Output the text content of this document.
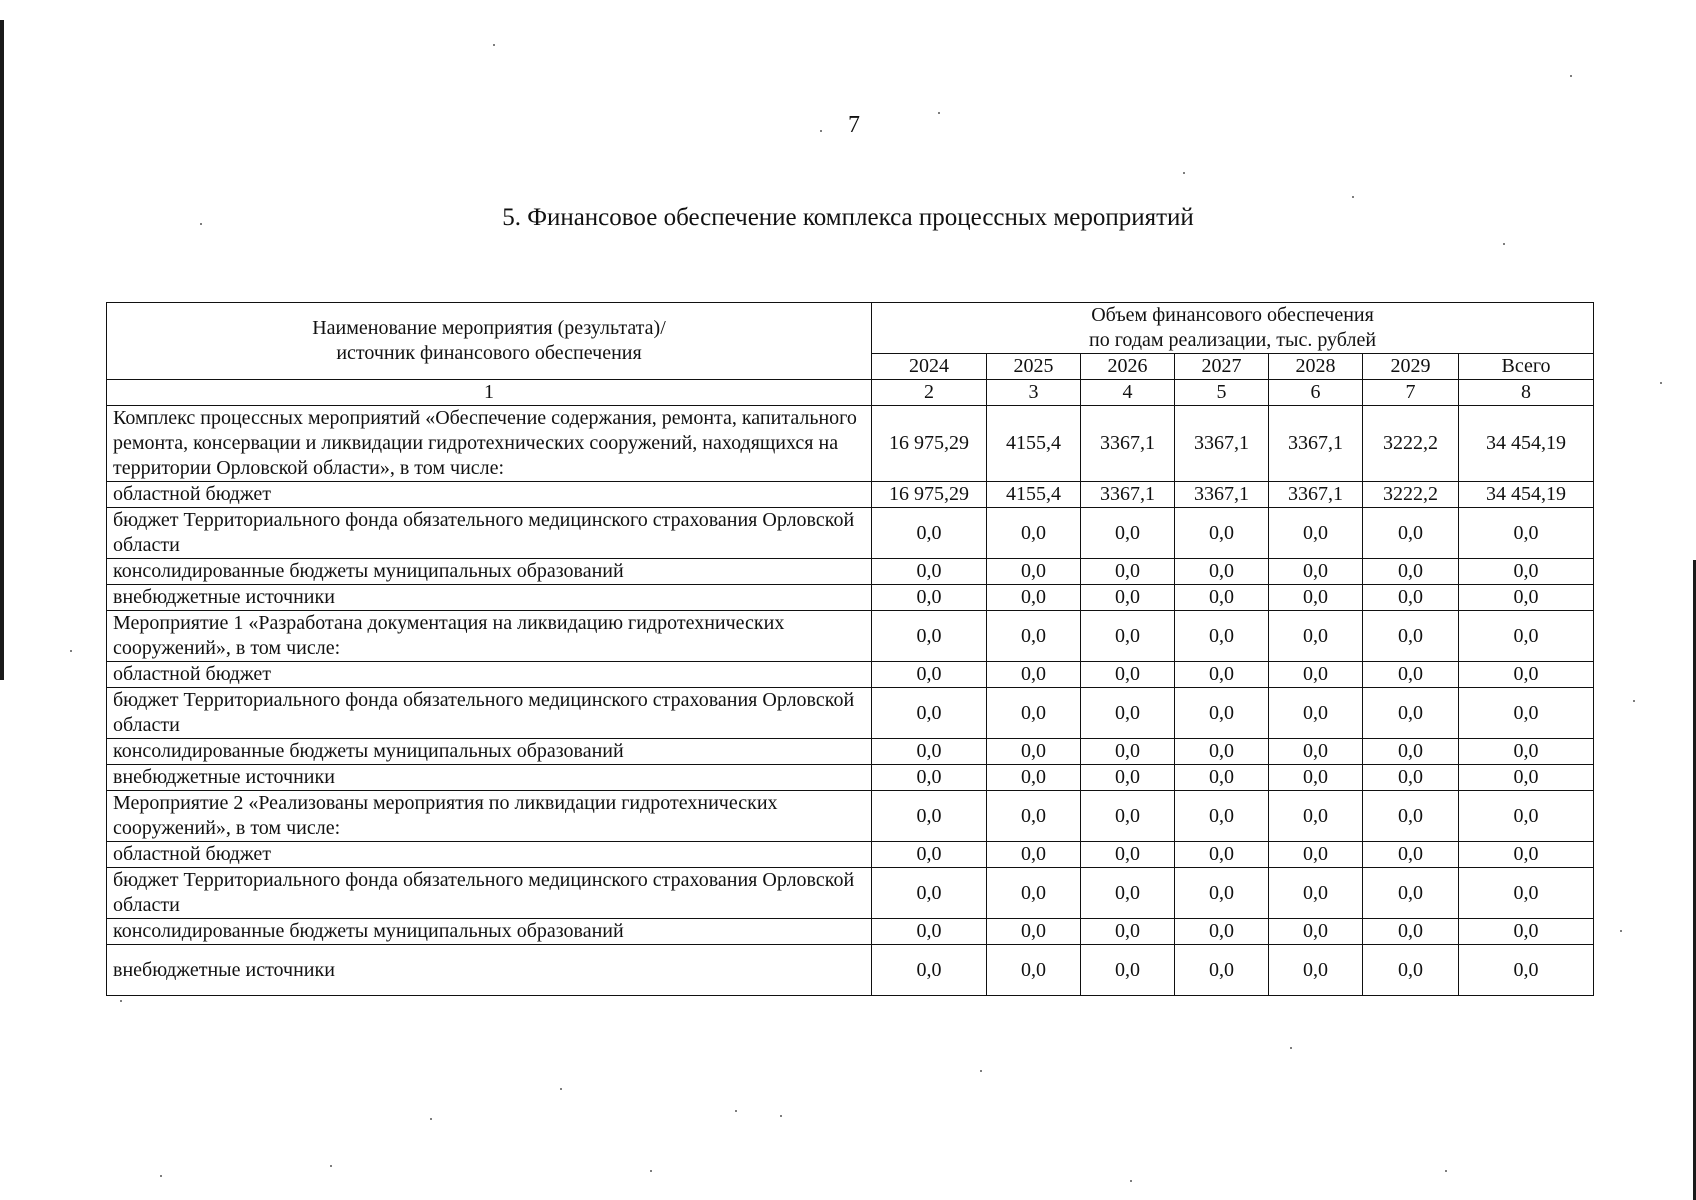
7
5. Финансовое обеспечение комплекса процессных мероприятий
Наименование мероприятия (результата)/
источник финансового обеспечения	Объем финансового обеспечения
по годам реализации, тыс. рублей						
	2024	2025	2026	2027	2028	2029	Всего
1	2	3	4	5	6	7	8
Комплекс процессных мероприятий «Обеспечение содержания, ремонта, капитального ремонта, консервации и ликвидации гидротехнических сооружений, находящихся на территории Орловской области», в том числе:	16 975,29	4155,4	3367,1	3367,1	3367,1	3222,2	34 454,19
областной бюджет	16 975,29	4155,4	3367,1	3367,1	3367,1	3222,2	34 454,19
бюджет Территориального фонда обязательного медицинского страхования Орловской области	0,0	0,0	0,0	0,0	0,0	0,0	0,0
консолидированные бюджеты муниципальных образований	0,0	0,0	0,0	0,0	0,0	0,0	0,0
внебюджетные источники	0,0	0,0	0,0	0,0	0,0	0,0	0,0
Мероприятие 1 «Разработана документация на ликвидацию гидротехнических сооружений», в том числе:	0,0	0,0	0,0	0,0	0,0	0,0	0,0
областной бюджет	0,0	0,0	0,0	0,0	0,0	0,0	0,0
бюджет Территориального фонда обязательного медицинского страхования Орловской области	0,0	0,0	0,0	0,0	0,0	0,0	0,0
консолидированные бюджеты муниципальных образований	0,0	0,0	0,0	0,0	0,0	0,0	0,0
внебюджетные источники	0,0	0,0	0,0	0,0	0,0	0,0	0,0
Мероприятие 2 «Реализованы мероприятия по ликвидации гидротехнических сооружений», в том числе:	0,0	0,0	0,0	0,0	0,0	0,0	0,0
областной бюджет	0,0	0,0	0,0	0,0	0,0	0,0	0,0
бюджет Территориального фонда обязательного медицинского страхования Орловской области	0,0	0,0	0,0	0,0	0,0	0,0	0,0
консолидированные бюджеты муниципальных образований	0,0	0,0	0,0	0,0	0,0	0,0	0,0
внебюджетные источники	0,0	0,0	0,0	0,0	0,0	0,0	0,0
